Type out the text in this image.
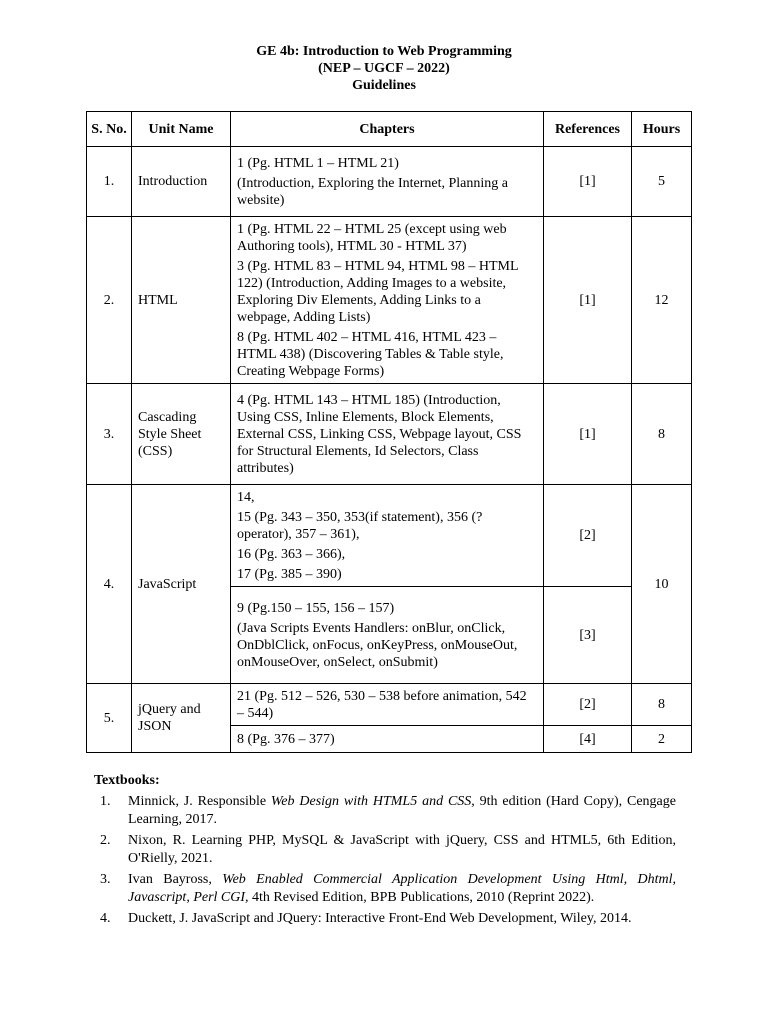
GE 4b: Introduction to Web Programming
(NEP – UGCF – 2022)
Guidelines
S. No.	Unit Name	Chapters	References	Hours
1.	Introduction	1 (Pg. HTML 1 – HTML 21)

(Introduction, Exploring the Internet, Planning a website)	[1]	5
2.	HTML	1 (Pg. HTML 22 – HTML 25 (except using web Authoring tools), HTML 30 - HTML 37)

3 (Pg. HTML 83 – HTML 94, HTML 98 – HTML 122) (Introduction, Adding Images to a website, Exploring Div Elements, Adding Links to a webpage, Adding Lists)

8 (Pg. HTML 402 – HTML 416, HTML 423 – HTML 438) (Discovering Tables & Table style, Creating Webpage Forms)	[1]	12
3.	Cascading Style Sheet (CSS)	4 (Pg. HTML 143 – HTML 185) (Introduction, Using CSS, Inline Elements, Block Elements, External CSS, Linking CSS, Webpage layout, CSS for Structural Elements, Id Selectors, Class attributes)	[1]	8
4.	JavaScript	14,

15 (Pg. 343 – 350, 353(if statement), 356 (? operator), 357 – 361),

16 (Pg. 363 – 366),

17 (Pg. 385 – 390)	[2]	10

		9 (Pg.150 – 155, 156 – 157)

(Java Scripts Events Handlers: onBlur, onClick, OnDblClick, onFocus, onKeyPress, onMouseOut, onMouseOver, onSelect, onSubmit)	[3]	
5.	jQuery and JSON	21 (Pg. 512 – 526, 530 – 538 before animation, 542 – 544)	[2]	8

		8 (Pg. 376 – 377)	[4]	2
Textbooks:
1. Minnick, J. Responsible Web Design with HTML5 and CSS, 9th edition (Hard Copy), Cengage Learning, 2017.
2. Nixon, R. Learning PHP, MySQL & JavaScript with jQuery, CSS and HTML5, 6th Edition, O'Rielly, 2021.
3. Ivan Bayross, Web Enabled Commercial Application Development Using Html, Dhtml, Javascript, Perl CGI, 4th Revised Edition, BPB Publications, 2010 (Reprint 2022).
4. Duckett, J. JavaScript and JQuery: Interactive Front-End Web Development, Wiley, 2014.
